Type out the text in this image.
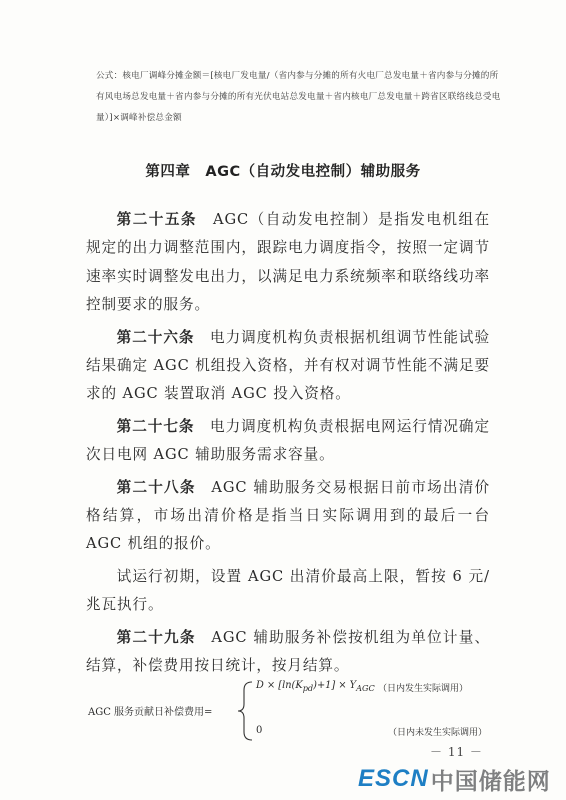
公式：核电厂调峰分摊金额＝[核电厂发电量/（省内参与分摊的所有火电厂总发电量＋省内参与分摊的所有风电场总发电量＋省内参与分摊的所有光伏电站总发电量＋省内核电厂总发电量＋跨省区联络线总受电量）]×调峰补偿总金额
第四章　AGC（自动发电控制）辅助服务

第二十五条　AGC（自动发电控制）是指发电机组在规定的出力调整范围内，跟踪电力调度指令，按照一定调节速率实时调整发电出力，以满足电力系统频率和联络线功率控制要求的服务。

第二十六条　电力调度机构负责根据机组调节性能试验结果确定 AGC 机组投入资格，并有权对调节性能不满足要求的 AGC 装置取消 AGC 投入资格。

第二十七条　电力调度机构负责根据电网运行情况确定次日电网 AGC 辅助服务需求容量。

第二十八条　AGC 辅助服务交易根据日前市场出清价格结算，市场出清价格是指当日实际调用到的最后一台 AGC 机组的报价。

试运行初期，设置 AGC 出清价最高上限，暂按 6 元/兆瓦执行。

第二十九条　AGC 辅助服务补偿按机组为单位计量、结算，补偿费用按日统计，按月结算。

AGC 服务贡献日补偿费用=
$D \times [\ln(K_{pd})+1] \times Y_{AGC}$ （日内发生实际调用）
0	（日内未发生实际调用）
－ 11 －
ESCN 中国储能网
